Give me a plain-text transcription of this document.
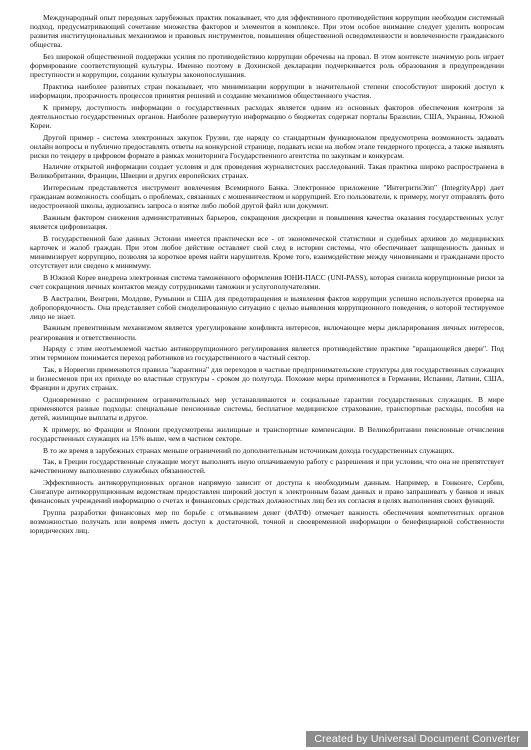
Международный опыт передовых зарубежных практик показывает, что для эффективного противодействия коррупции необходим системный подход, предусматривающий сочетание множества факторов и элементов в комплексе. При этом особое внимание следует уделить вопросам развития институциональных механизмов и правовых инструментов, повышения общественной осведомленности и вовлеченности гражданского общества.

Без широкой общественной поддержки усилия по противодействию коррупции обречены на провал. В этом контексте значимую роль играет формирование соответствующей культуры. Именно поэтому в Дохинской декларации подчеркивается роль образования в предупреждении преступности и коррупции, создании культуры законопослушания.

Практика наиболее развитых стран показывает, что минимизации коррупции в значительной степени способствуют широкий доступ к информации, прозрачность процессов принятия решений и создание механизмов общественного участия.

К примеру, доступность информации о государственных расходах является одним из основных факторов обеспечения контроля за деятельностью государственных органов. Наиболее развернутую информацию о бюджетах содержат порталы Бразилии, США, Украины, Южной Кореи.

Другой пример - система электронных закупок Грузии, где наряду со стандартным функционалом предусмотрена возможность задавать онлайн вопросы и публично предоставлять ответы на конкурсной странице, подавать иски на любом этапе тендерного процесса, а также выявлять риски по тендеру в цифровом формате в рамках мониторинга Государственного агентства по закупкам и конкурсам.

Наличие открытой информации создает условия и для проведения журналистских расследований. Такая практика широко распространена в Великобритании, Франции, Швеции и других европейских странах.

Интересным представляется инструмент вовлечения Всемирного Банка. Электронное приложение "ИнтегритиЭпп" (IntegrityApp) дает гражданам возможность сообщать о проблемах, связанных с мошенничеством и коррупцией. Его пользователи, к примеру, могут отправлять фото недостроенной школы, аудиозапись запроса о взятке либо любой другой файл или документ.

Важным фактором снижения административных барьеров, сокращения дискреции и повышения качества оказания государственных услуг является цифровизация.

В государственной базе данных Эстонии имеется практически все - от экономической статистики и судебных архивов до медицинских карточек и жалоб граждан. При этом любое действие оставляет свой след в истории системы, что обеспечивает защищенность данных и минимизирует коррупцию, позволяя за короткое время найти нарушителя. Кроме того, взаимодействие между чиновниками и гражданами просто отсутствует или сведено к минимуму.

В Южной Корее внедрена электронная система таможенного оформления ЮНИ-ПАСС (UNI-PASS), которая снизила коррупционные риски за счет сокращения личных контактов между сотрудниками таможни и услугополучателями.

В Австралии, Венгрии, Молдове, Румынии и США для предотвращения и выявления фактов коррупции успешно используется проверка на добропорядочность. Она представляет собой смоделированную ситуацию с целью выявления коррупционного поведения, о которой тестируемое лицо не знает.

Важным превентивным механизмом является урегулирование конфликта интересов, включающее меры декларирования личных интересов, реагирования и ответственности.

Наряду с этим неотъемлемой частью антикоррупционного регулирования является противодействие практике "вращающейся двери". Под этим термином понимается переход работников из государственного в частный сектор.

Так, в Норвегии применяются правила "карантина" для переходов в частные предпринимательские структуры для государственных служащих и бизнесменов при их приходе во властные структуры - сроком до полугода. Похожие меры применяются в Германии, Испании, Латвии, США, Франции и других странах.

Одновременно с расширением ограничительных мер устанавливаются и социальные гарантии государственных служащих. В мире применяются разные подходы: специальные пенсионные системы, бесплатное медицинское страхование, транспортные расходы, пособия на детей, жилищные выплаты и другое.

К примеру, во Франции и Японии предусмотрены жилищные и транспортные компенсации. В Великобритании пенсионные отчисления государственных служащих на 15% выше, чем в частном секторе.

В то же время в зарубежных странах меньше ограничений по дополнительным источникам дохода государственных служащих.

Так, в Греции государственные служащие могут выполнять иную оплачиваемую работу с разрешения и при условии, что она не препятствует качественному выполнению служебных обязанностей.

Эффективность антикоррупционных органов напрямую зависит от доступа к необходимым данным. Например, в Гонконге, Сербии, Сингапуре антикоррупционным ведомствам предоставлен широкий доступ к электронным базам данных и право запрашивать у банков и иных финансовых учреждений информацию о счетах и финансовых средствах должностных лиц без их согласия в целях выполнения своих функций.

Группа разработки финансовых мер по борьбе с отмыванием денег (ФАТФ) отмечает важность обеспечения компетентных органов возможностью получать или вовремя иметь доступ к достаточной, точной и своевременной информации о бенефициарной собственности юридических лиц.

Created by Universal Document Converter
